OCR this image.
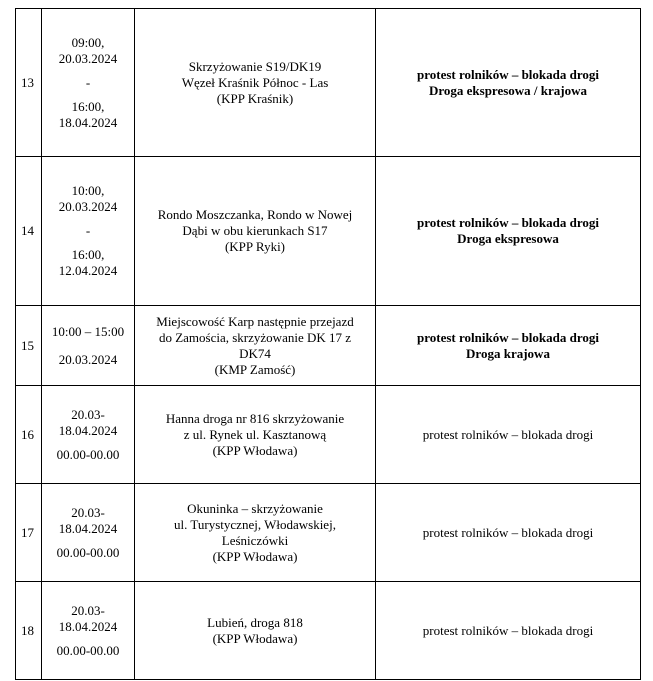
13	09:00,
20.03.2024
-
16:00,
18.04.2024	Skrzyżowanie S19/DK19
Węzeł Kraśnik Północ - Las
(KPP Kraśnik)	protest rolników – blokada drogi
Droga ekspresowa / krajowa

14	10:00,
20.03.2024
-
16:00,
12.04.2024	Rondo Moszczanka, Rondo w Nowej
Dąbi w obu kierunkach S17
(KPP Ryki)	protest rolników – blokada drogi
Droga ekspresowa

15	10:00 – 15:00
20.03.2024	Miejscowość Karp następnie przejazd
do Zamościa, skrzyżowanie DK 17 z
DK74
(KMP Zamość)	protest rolników – blokada drogi
Droga krajowa

16	20.03-
18.04.2024
00.00-00.00	Hanna droga nr 816 skrzyżowanie
z ul. Rynek ul. Kasztanową
(KPP Włodawa)	protest rolników – blokada drogi

17	20.03-
18.04.2024
00.00-00.00	Okuninka – skrzyżowanie
ul. Turystycznej, Włodawskiej,
Leśniczówki
(KPP Włodawa)	protest rolników – blokada drogi

18	20.03-
18.04.2024
00.00-00.00	Lubień, droga 818
(KPP Włodawa)	protest rolników – blokada drogi
